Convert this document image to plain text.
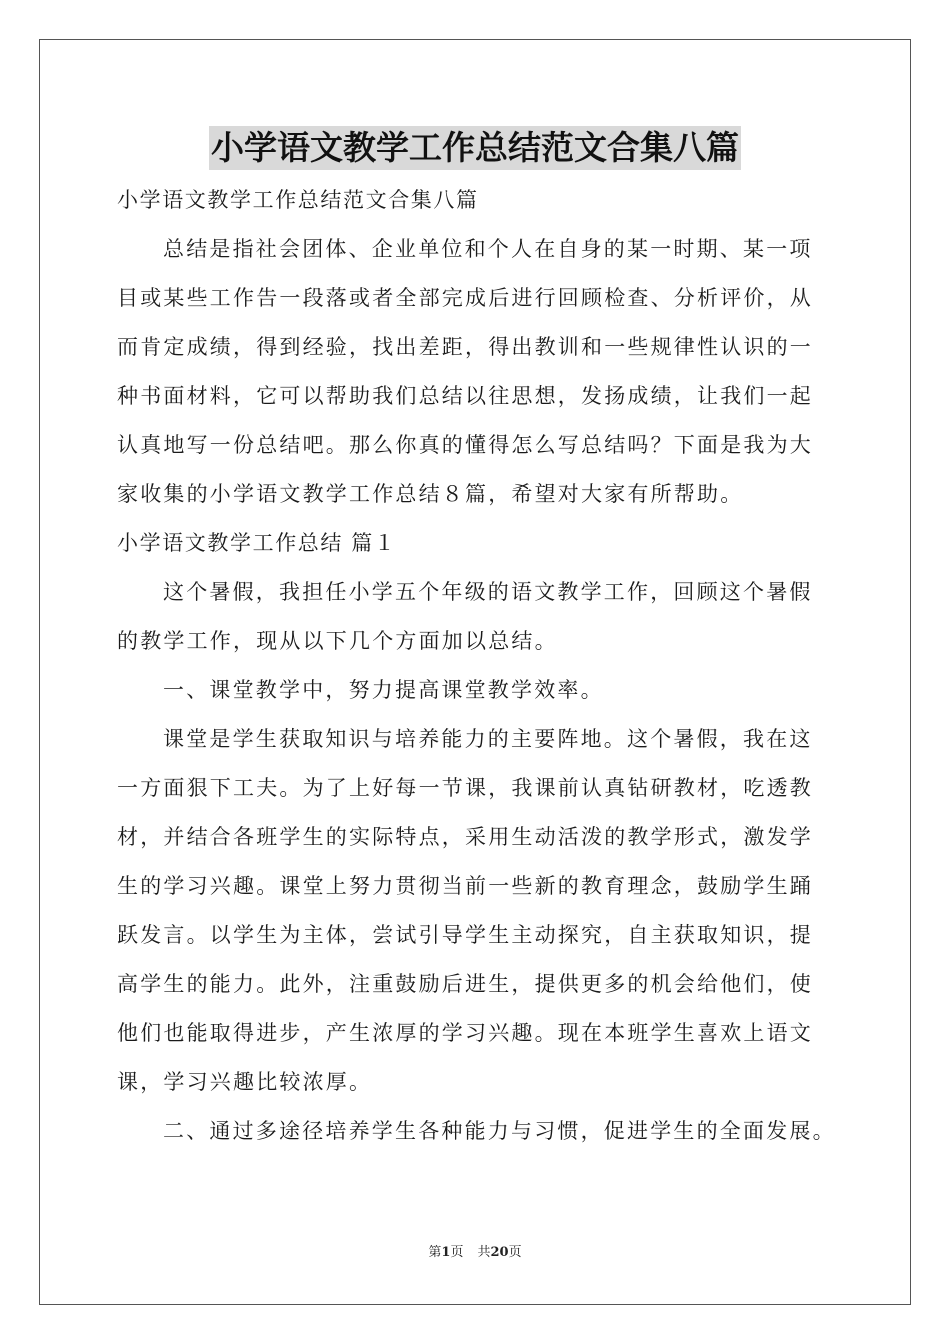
小学语文教学工作总结范文合集八篇
小学语文教学工作总结范文合集八篇
总结是指社会团体、企业单位和个人在自身的某一时期、某一项
目或某些工作告一段落或者全部完成后进行回顾检查、分析评价，从
而肯定成绩，得到经验，找出差距，得出教训和一些规律性认识的一
种书面材料，它可以帮助我们总结以往思想，发扬成绩，让我们一起
认真地写一份总结吧。那么你真的懂得怎么写总结吗？下面是我为大
家收集的小学语文教学工作总结８篇，希望对大家有所帮助。
小学语文教学工作总结 篇１
这个暑假，我担任小学五个年级的语文教学工作，回顾这个暑假
的教学工作，现从以下几个方面加以总结。
一、课堂教学中，努力提高课堂教学效率。
课堂是学生获取知识与培养能力的主要阵地。这个暑假，我在这
一方面狠下工夫。为了上好每一节课，我课前认真钻研教材，吃透教
材，并结合各班学生的实际特点，采用生动活泼的教学形式，激发学
生的学习兴趣。课堂上努力贯彻当前一些新的教育理念，鼓励学生踊
跃发言。以学生为主体，尝试引导学生主动探究，自主获取知识，提
高学生的能力。此外，注重鼓励后进生，提供更多的机会给他们，使
他们也能取得进步，产生浓厚的学习兴趣。现在本班学生喜欢上语文
课，学习兴趣比较浓厚。
二、通过多途径培养学生各种能力与习惯，促进学生的全面发展。
第1页 共20页
